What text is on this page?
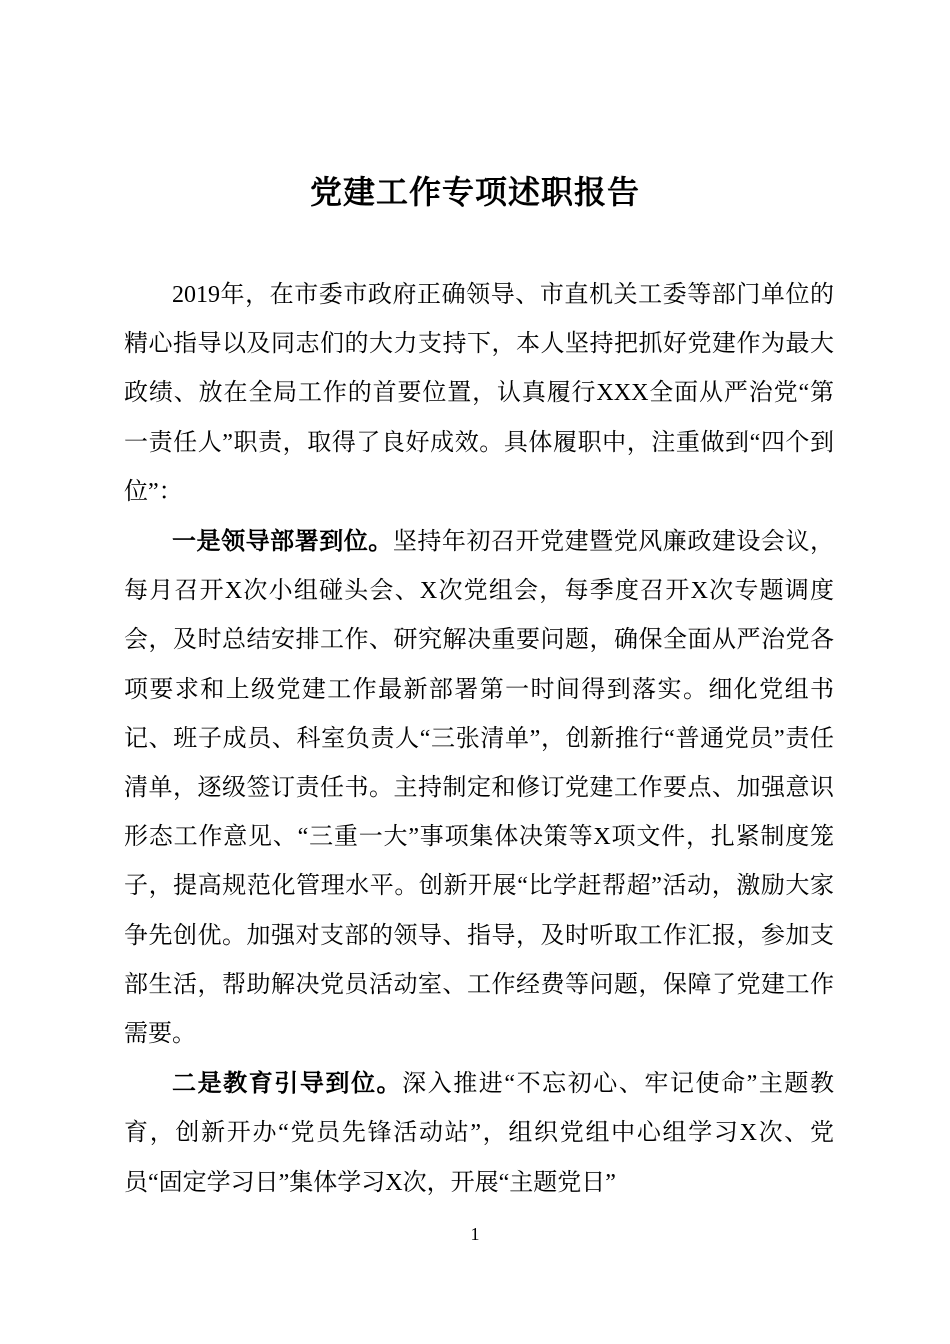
党建工作专项述职报告

2019年，在市委市政府正确领导、市直机关工委等部门单位的精心指导以及同志们的大力支持下，本人坚持把抓好党建作为最大政绩、放在全局工作的首要位置，认真履行XXX全面从严治党“第一责任人”职责，取得了良好成效。具体履职中，注重做到“四个到位”：

一是领导部署到位。坚持年初召开党建暨党风廉政建设会议，每月召开X次小组碰头会、X次党组会，每季度召开X次专题调度会，及时总结安排工作、研究解决重要问题，确保全面从严治党各项要求和上级党建工作最新部署第一时间得到落实。细化党组书记、班子成员、科室负责人“三张清单”，创新推行“普通党员”责任清单，逐级签订责任书。主持制定和修订党建工作要点、加强意识形态工作意见、“三重一大”事项集体决策等X项文件，扎紧制度笼子，提高规范化管理水平。创新开展“比学赶帮超”活动，激励大家争先创优。加强对支部的领导、指导，及时听取工作汇报，参加支部生活，帮助解决党员活动室、工作经费等问题，保障了党建工作需要。

二是教育引导到位。深入推进“不忘初心、牢记使命”主题教育，创新开办“党员先锋活动站”，组织党组中心组学习X次、党员“固定学习日”集体学习X次，开展“主题党日”

1
